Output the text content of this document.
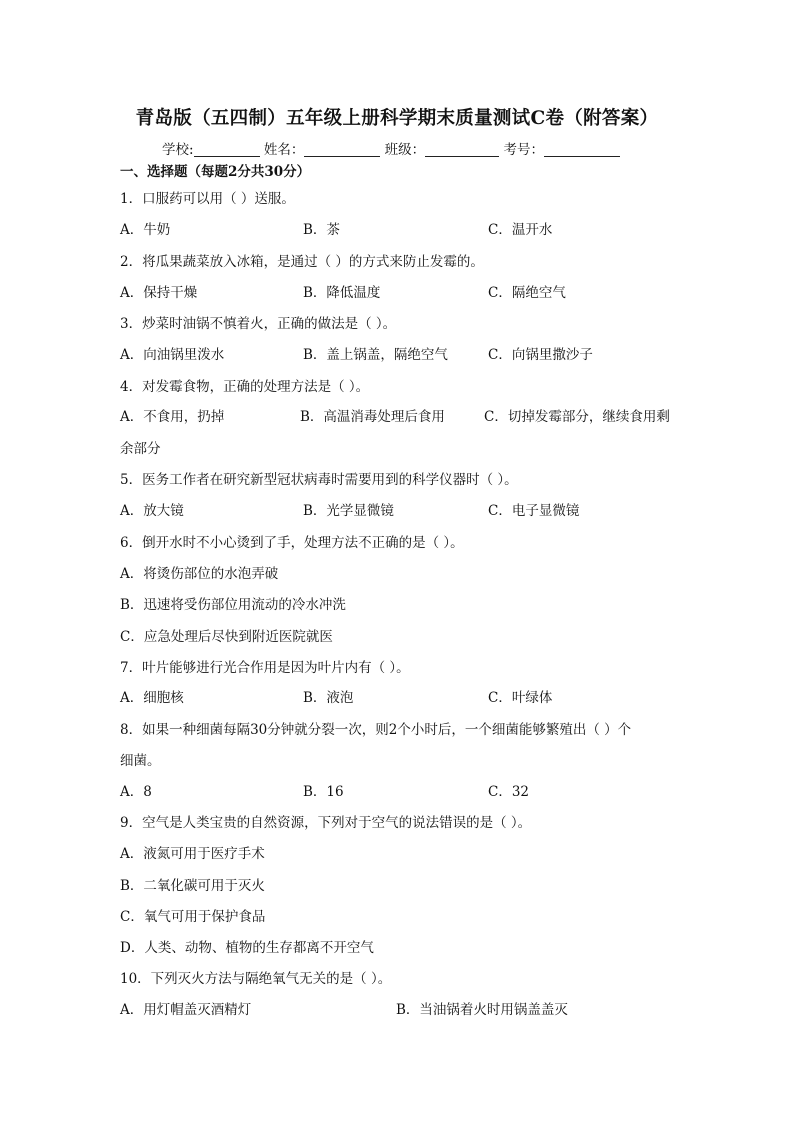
青岛版（五四制）五年级上册科学期末质量测试C卷（附答案）
学校:	姓名：	班级：	考号：
一、选择题（每题2分共30分）
1．口服药可以用（ ）送服。
A．牛奶	B．茶	C．温开水
2．将瓜果蔬菜放入冰箱，是通过（ ）的方式来防止发霉的。
A．保持干燥	B．降低温度	C．隔绝空气
3．炒菜时油锅不慎着火，正确的做法是（ ）。
A．向油锅里泼水	B．盖上锅盖，隔绝空气	C．向锅里撒沙子
4．对发霉食物，正确的处理方法是（ ）。
A．不食用，扔掉	B．高温消毒处理后食用	C．切掉发霉部分，继续食用剩
余部分
5．医务工作者在研究新型冠状病毒时需要用到的科学仪器时（ ）。
A．放大镜	B．光学显微镜	C．电子显微镜
6．倒开水时不小心烫到了手，处理方法不正确的是（ ）。
A．将烫伤部位的水泡弄破
B．迅速将受伤部位用流动的冷水冲洗
C．应急处理后尽快到附近医院就医
7．叶片能够进行光合作用是因为叶片内有（ ）。
A．细胞核	B．液泡	C．叶绿体
8．如果一种细菌每隔30分钟就分裂一次，则2个小时后，一个细菌能够繁殖出（ ）个
细菌。
A．8	B．16	C．32
9．空气是人类宝贵的自然资源，下列对于空气的说法错误的是（ ）。
A．液氮可用于医疗手术
B．二氧化碳可用于灭火
C．氧气可用于保护食品
D．人类、动物、植物的生存都离不开空气
10．下列灭火方法与隔绝氧气无关的是（ ）。
A．用灯帽盖灭酒精灯	B．当油锅着火时用锅盖盖灭
